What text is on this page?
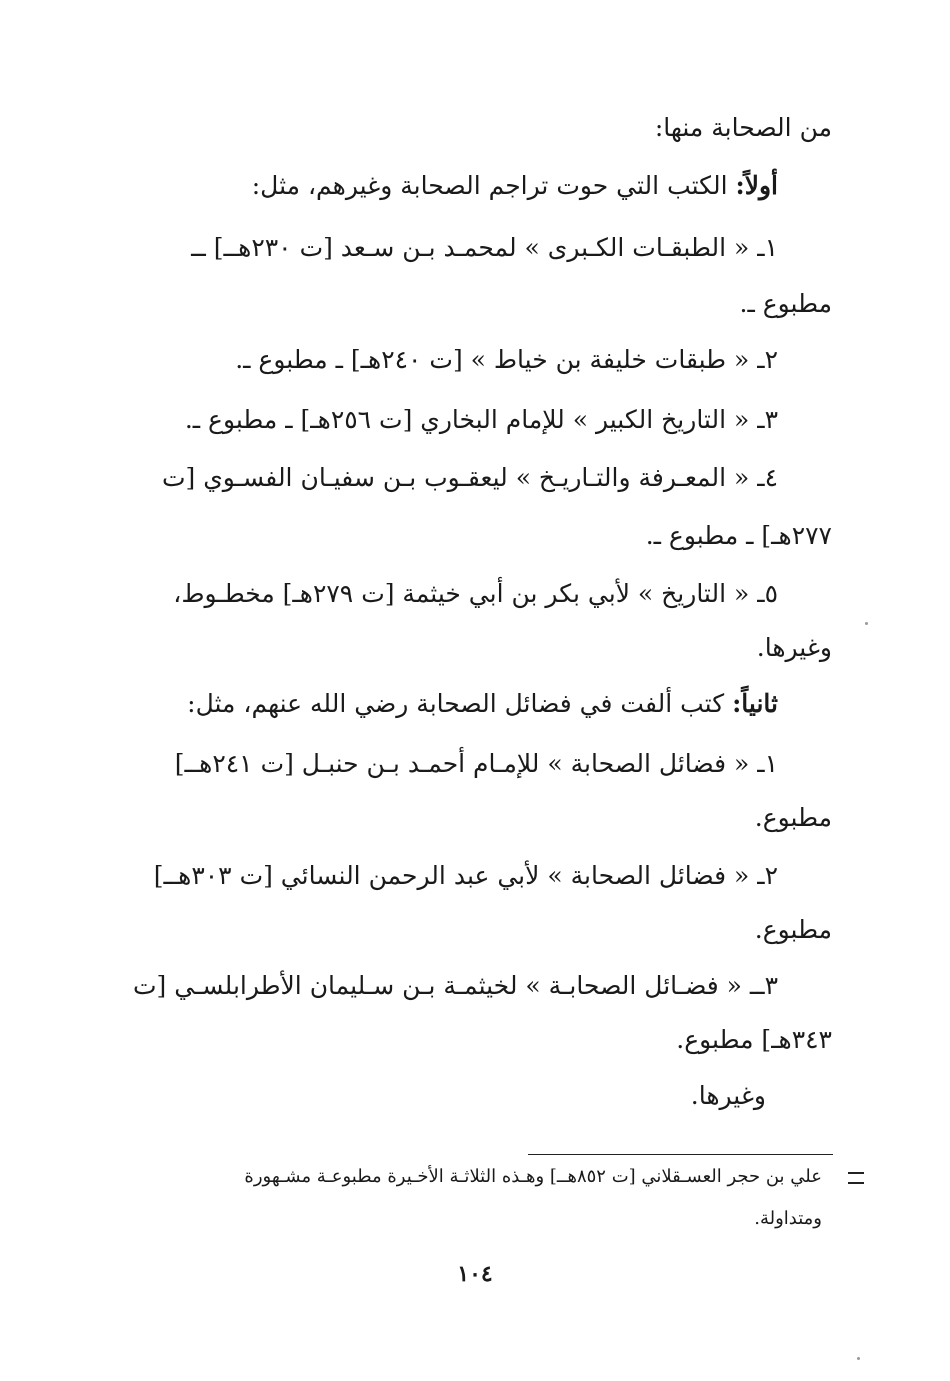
من الصحابة منها:
أولاً: الكتب التي حوت تراجم الصحابة وغيرهم، مثل:
١ـ « الطبقـات الكـبرى » لمحمـد بـن سـعد [ت ٢٣٠هــ] ــ
مطبوع ـ.
٢ـ « طبقات خليفة بن خياط » [ت ٢٤٠هـ] ـ مطبوع ـ.
٣ـ « التاريخ الكبير » للإمام البخاري [ت ٢٥٦هـ] ـ مطبوع ـ.
٤ـ « المعـرفة والتـاريـخ » ليعقـوب بـن سفيـان الفسـوي [ت
٢٧٧هـ] ـ مطبوع ـ.
٥ـ « التاريخ » لأبي بكر بن أبي خيثمة [ت ٢٧٩هـ] مخطـوط،
وغيرها.
ثانياً: كتب ألفت في فضائل الصحابة رضي الله عنهم، مثل:
١ـ « فضائل الصحابة » للإمـام أحمـد بـن حنبـل [ت ٢٤١هــ]
مطبوع.
٢ـ « فضائل الصحابة » لأبي عبد الرحمن النسائي [ت ٣٠٣هــ]
مطبوع.
٣ــ « فضـائل الصحابـة » لخيثمـة بـن سـليمان الأطرابلسـي [ت
٣٤٣هـ] مطبوع.
وغيرها.
علي بن حجر العسـقلاني [ت ٨٥٢هــ] وهـذه الثلاثـة الأخـيرة مطبوعـة مشـهورة
ومتداولة.
١٠٤
